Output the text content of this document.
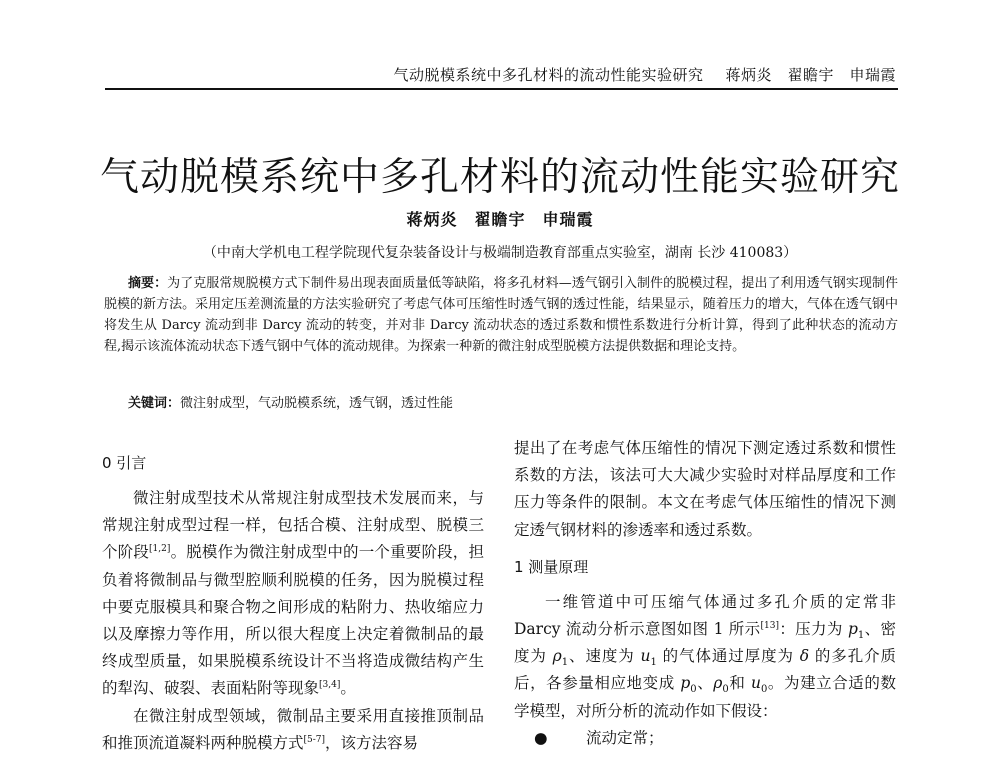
气动脱模系统中多孔材料的流动性能实验研究 蒋炳炎　翟瞻宇　申瑞霞
气动脱模系统中多孔材料的流动性能实验研究
蒋炳炎　翟瞻宇　申瑞霞
（中南大学机电工程学院现代复杂装备设计与极端制造教育部重点实验室，湖南 长沙 410083）
摘要：为了克服常规脱模方式下制件易出现表面质量低等缺陷，将多孔材料—透气钢引入制件的脱模过程，提出了利用透气钢实现制件脱模的新方法。采用定压差测流量的方法实验研究了考虑气体可压缩性时透气钢的透过性能，结果显示，随着压力的增大，气体在透气钢中将发生从 Darcy 流动到非 Darcy 流动的转变，并对非 Darcy 流动状态的透过系数和惯性系数进行分析计算，得到了此种状态的流动方程,揭示该流体流动状态下透气钢中气体的流动规律。为探索一种新的微注射成型脱模方法提供数据和理论支持。
关键词：微注射成型，气动脱模系统，透气钢，透过性能
0 引言

微注射成型技术从常规注射成型技术发展而来，与常规注射成型过程一样，包括合模、注射成型、脱模三个阶段[1,2]。脱模作为微注射成型中的一个重要阶段，担负着将微制品与微型腔顺利脱模的任务，因为脱模过程中要克服模具和聚合物之间形成的粘附力、热收缩应力以及摩擦力等作用，所以很大程度上决定着微制品的最终成型质量，如果脱模系统设计不当将造成微结构产生的犁沟、破裂、表面粘附等现象[3,4]。

在微注射成型领域，微制品主要采用直接推顶制品和推顶流道凝料两种脱模方式[5-7]，该方法容易

提出了在考虑气体压缩性的情况下测定透过系数和惯性系数的方法，该法可大大减少实验时对样品厚度和工作压力等条件的限制。本文在考虑气体压缩性的情况下测定透气钢材料的渗透率和透过系数。

1 测量原理

一维管道中可压缩气体通过多孔介质的定常非 Darcy 流动分析示意图如图 1 所示[13]：压力为 $p_1$、密度为 $\rho_1$、速度为 $u_1$ 的气体通过厚度为 δ 的多孔介质后，各参量相应地变成 $p_0$、$\rho_0$和 $u_0$。为建立合适的数学模型，对所分析的流动作如下假设：

● 流动定常；
